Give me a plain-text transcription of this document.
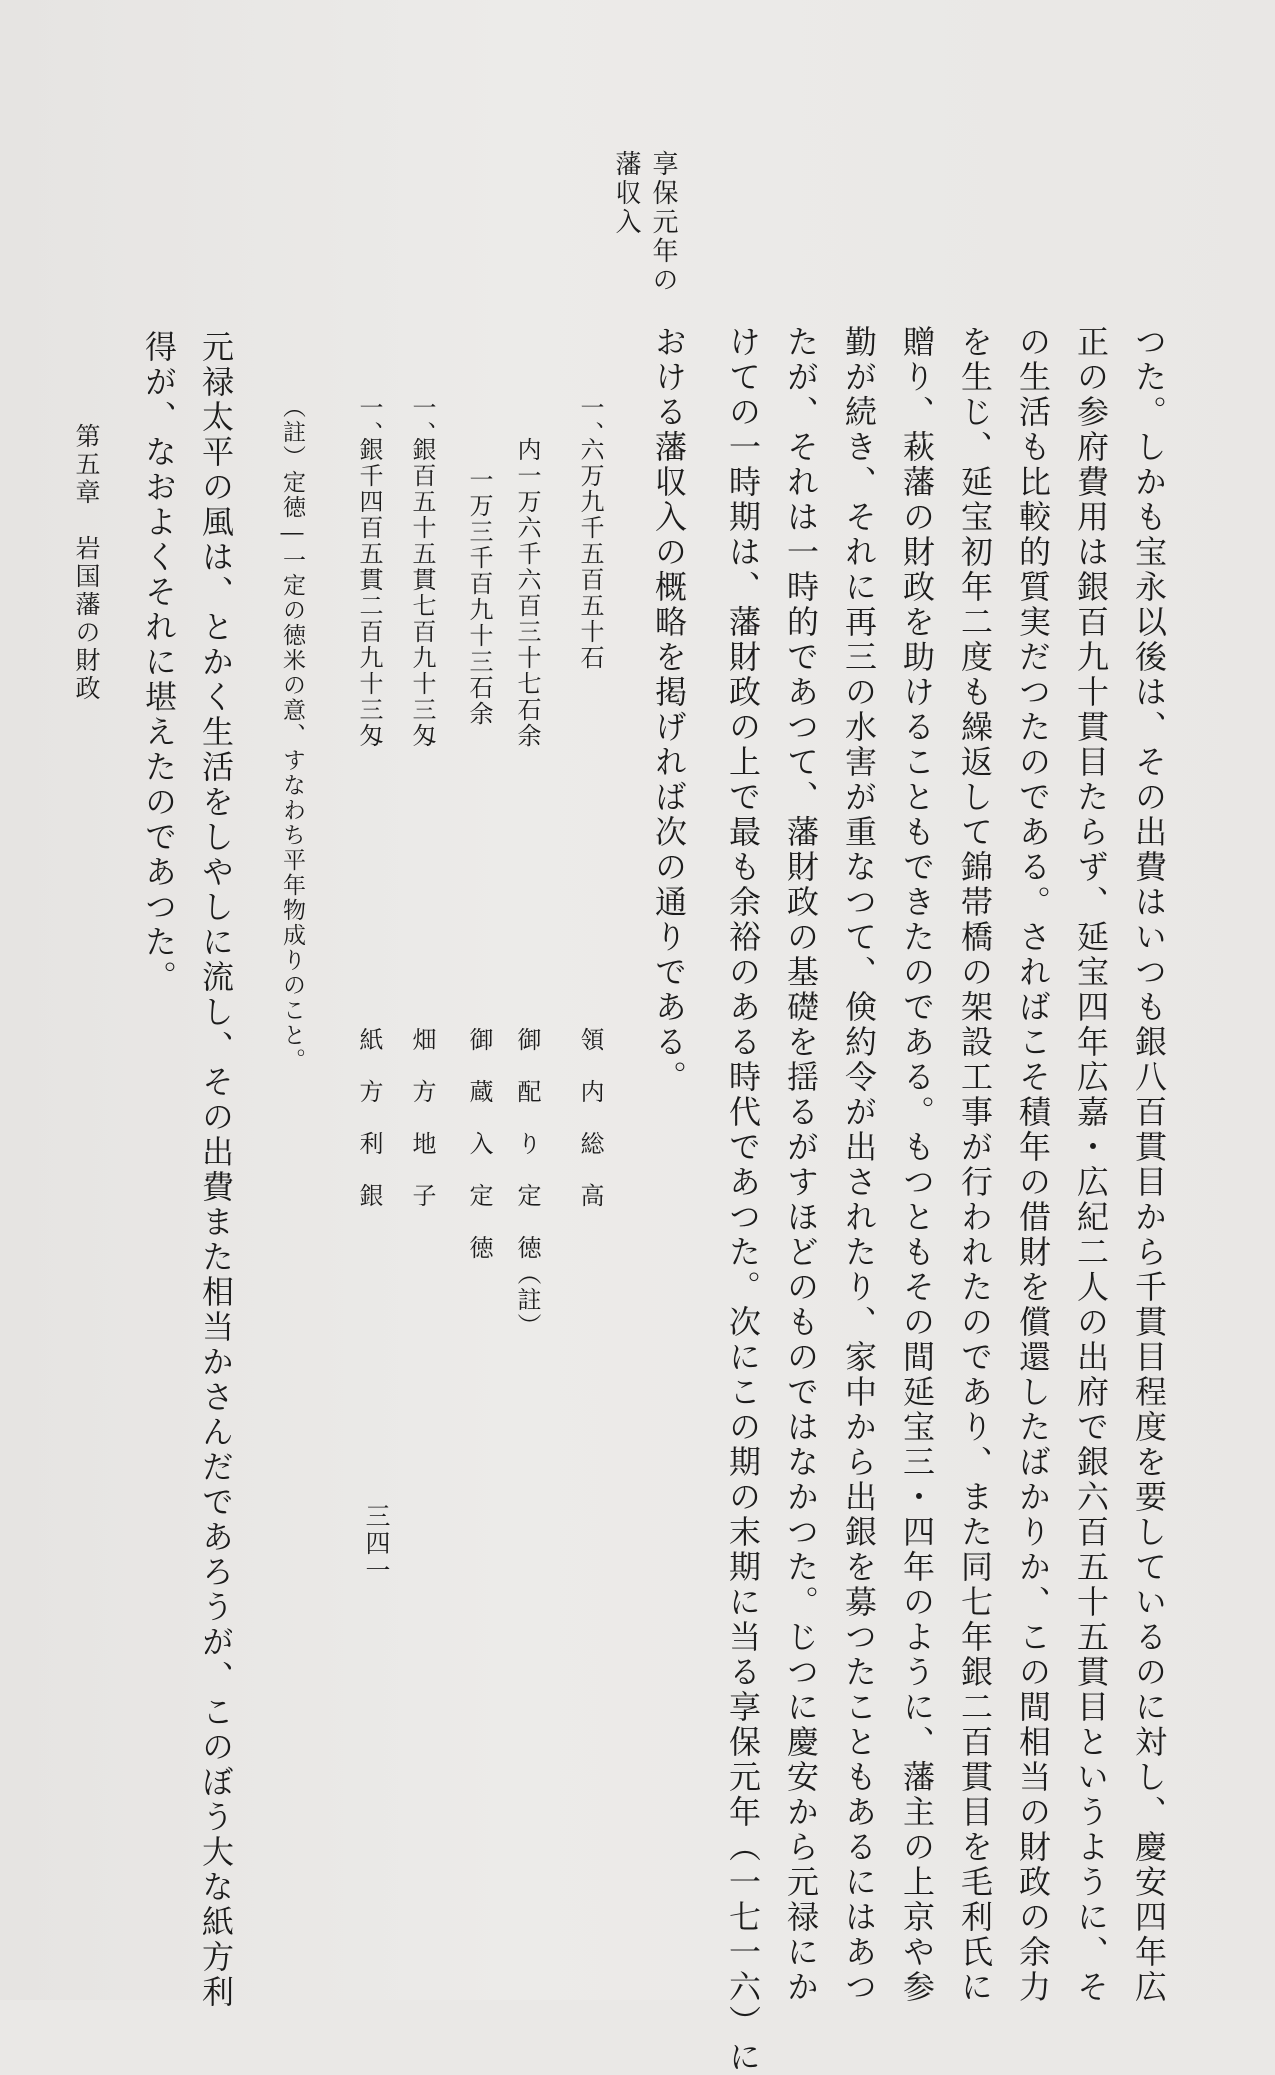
享保元年の
藩収入
つた。しかも宝永以後は、その出費はいつも銀八百貫目から千貫目程度を要しているのに対し、慶安四年広
正の参府費用は銀百九十貫目たらず、延宝四年広嘉・広紀二人の出府で銀六百五十五貫目というように、そ
の生活も比較的質実だつたのである。さればこそ積年の借財を償還したばかりか、この間相当の財政の余力
を生じ、延宝初年二度も繰返して錦帯橋の架設工事が行われたのであり、また同七年銀二百貫目を毛利氏に
贈り、萩藩の財政を助けることもできたのである。もつともその間延宝三・四年のように、藩主の上京や参
勤が続き、それに再三の水害が重なつて、倹約令が出されたり、家中から出銀を募つたこともあるにはあつ
たが、それは一時的であつて、藩財政の基礎を揺るがすほどのものではなかつた。じつに慶安から元禄にか
けての一時期は、藩財政の上で最も余裕のある時代であつた。次にこの期の末期に当る享保元年（一七一六）に
おける藩収入の概略を掲げれば次の通りである。
一、
六万九千五百五十石
領　内　総　高
内一万六千六百三十七石余
御　配　り　定　徳（註）
一万三千百九十三石余
御　蔵　入　定　徳
一、
銀百五十五貫七百九十三匁
畑　方　地　子
一、
銀千四百五貫二百九十三匁
紙　方　利　銀
（註）定徳―一定の徳米の意、すなわち平年物成りのこと。
元禄太平の風は、とかく生活をしやしに流し、その出費また相当かさんだであろうが、このぼう大な紙方利
得が、なおよくそれに堪えたのであつた。
第五章　岩国藩の財政
三四一
